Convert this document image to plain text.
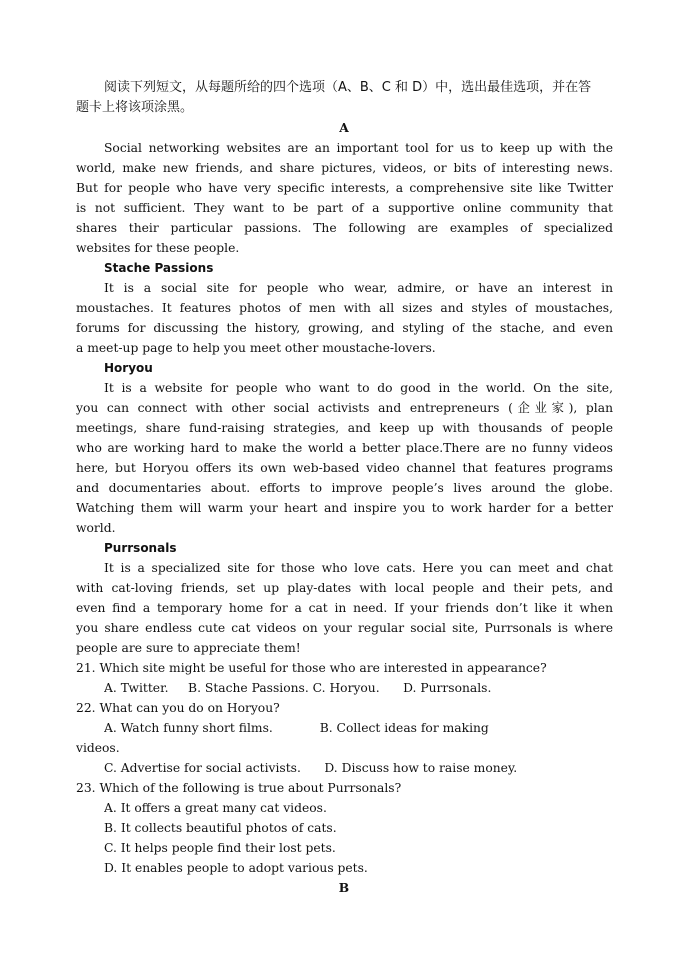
阅读下列短文，从每题所给的四个选项（A、B、C 和 D）中，选出最佳选项，并在答
题卡上将该项涂黑。
A
Social networking websites are an important tool for us to keep up with the
world, make new friends, and share pictures, videos, or bits of interesting news.
But for people who have very specific interests, a comprehensive site like Twitter
is not sufficient. They want to be part of a supportive online community that
shares their particular passions. The following are examples of specialized
websites for these people.
Stache Passions
It is a social site for people who wear, admire, or have an interest in
moustaches. It features photos of men with all sizes and styles of moustaches,
forums for discussing the history, growing, and styling of the stache, and even
a meet-up page to help you meet other moustache-lovers.
Horyou
It is a website for people who want to do good in the world. On the site,
you can connect with other social activists and entrepreneurs (企业家), plan
meetings, share fund-raising strategies, and keep up with thousands of people
who are working hard to make the world a better place.There are no funny videos
here, but Horyou offers its own web-based video channel that features programs
and documentaries about. efforts to improve people’s lives around the globe.
Watching them will warm your heart and inspire you to work harder for a better
world.
Purrsonals
It is a specialized site for those who love cats. Here you can meet and chat
with cat-loving friends, set up play-dates with local people and their pets, and
even find a temporary home for a cat in need. If your friends don’t like it when
you share endless cute cat videos on your regular social site, Purrsonals is where
people are sure to appreciate them!
21. Which site might be useful for those who are interested in appearance?
A. Twitter.     B. Stache Passions. C. Horyou.      D. Purrsonals.
22. What can you do on Horyou?
A. Watch funny short films.            B. Collect ideas for making
videos.
C. Advertise for social activists.      D. Discuss how to raise money.
23. Which of the following is true about Purrsonals?
A. It offers a great many cat videos.
B. It collects beautiful photos of cats.
C. It helps people find their lost pets.
D. It enables people to adopt various pets.
B
